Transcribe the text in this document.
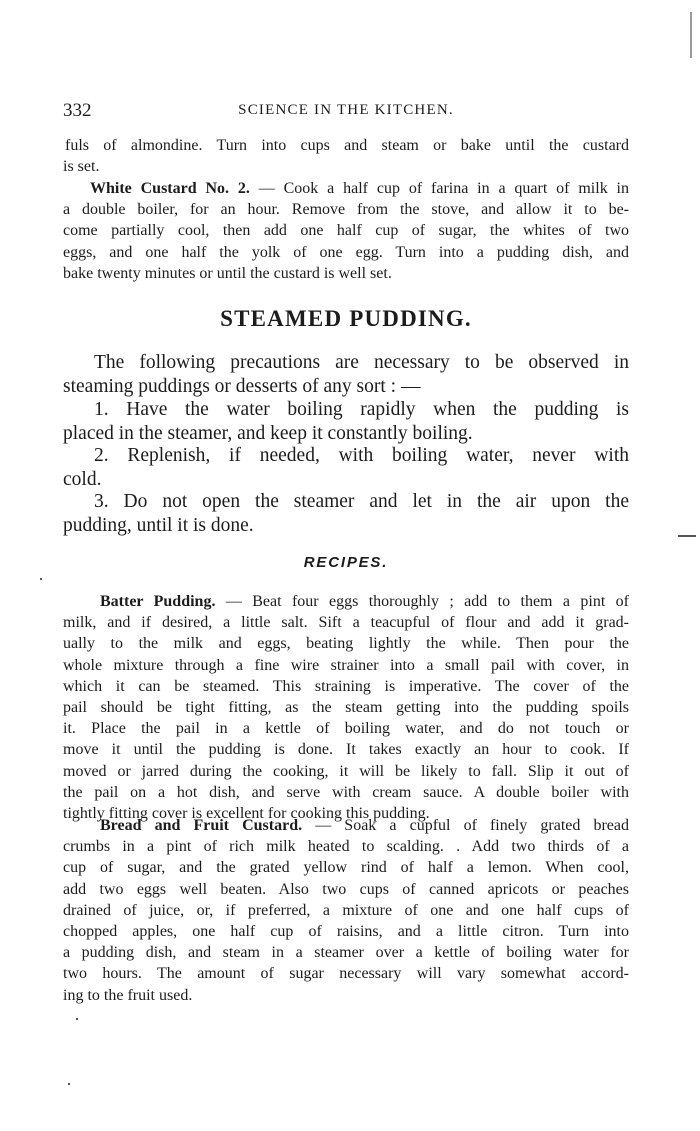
332	SCIENCE IN THE KITCHEN.

fuls of almondine. Turn into cups and steam or bake until the custard
is set.

White Custard No. 2. — Cook a half cup of farina in a quart of milk in
a double boiler, for an hour. Remove from the stove, and allow it to be-
come partially cool, then add one half cup of sugar, the whites of two
eggs, and one half the yolk of one egg. Turn into a pudding dish, and
bake twenty minutes or until the custard is well set.

STEAMED PUDDING.

The following precautions are necessary to be observed in
steaming puddings or desserts of any sort : —

1. Have the water boiling rapidly when the pudding is
placed in the steamer, and keep it constantly boiling.

2. Replenish, if needed, with boiling water, never with
cold.

3. Do not open the steamer and let in the air upon the
pudding, until it is done.

RECIPES.

Batter Pudding. — Beat four eggs thoroughly ; add to them a pint of
milk, and if desired, a little salt. Sift a teacupful of flour and add it grad-
ually to the milk and eggs, beating lightly the while. Then pour the
whole mixture through a fine wire strainer into a small pail with cover, in
which it can be steamed. This straining is imperative. The cover of the
pail should be tight fitting, as the steam getting into the pudding spoils
it. Place the pail in a kettle of boiling water, and do not touch or
move it until the pudding is done. It takes exactly an hour to cook. If
moved or jarred during the cooking, it will be likely to fall. Slip it out of
the pail on a hot dish, and serve with cream sauce. A double boiler with
tightly fitting cover is excellent for cooking this pudding.

Bread and Fruit Custard. — Soak a cupful of finely grated bread
crumbs in a pint of rich milk heated to scalding. . Add two thirds of a
cup of sugar, and the grated yellow rind of half a lemon. When cool,
add two eggs well beaten. Also two cups of canned apricots or peaches
drained of juice, or, if preferred, a mixture of one and one half cups of
chopped apples, one half cup of raisins, and a little citron. Turn into
a pudding dish, and steam in a steamer over a kettle of boiling water for
two hours. The amount of sugar necessary will vary somewhat accord-
ing to the fruit used.
